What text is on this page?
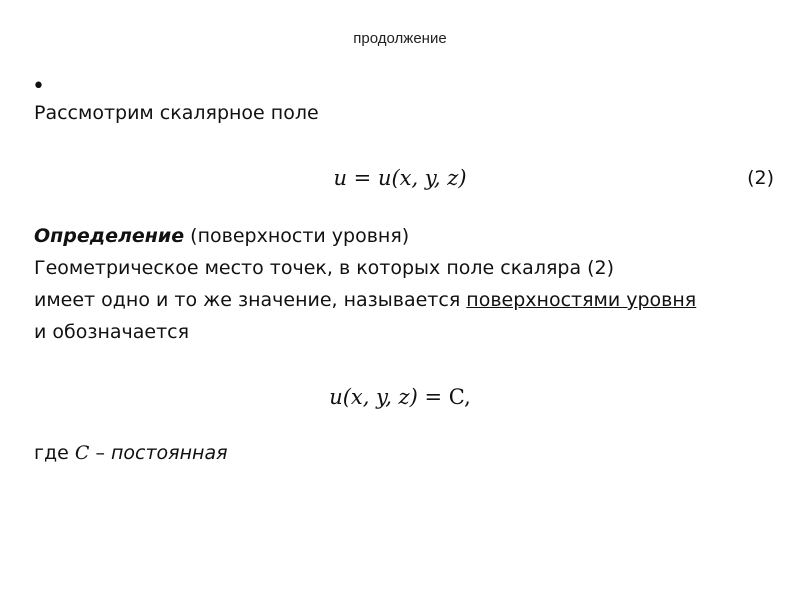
продолжение
•
Рассмотрим скалярное поле
u = u(x, y, z)	(2)
Определение (поверхности уровня)
Геометрическое место точек, в которых поле скаляра (2)
имеет одно и то же значение, называется поверхностями уровня
и обозначается
u(x, y, z) = C,
где C – постоянная
